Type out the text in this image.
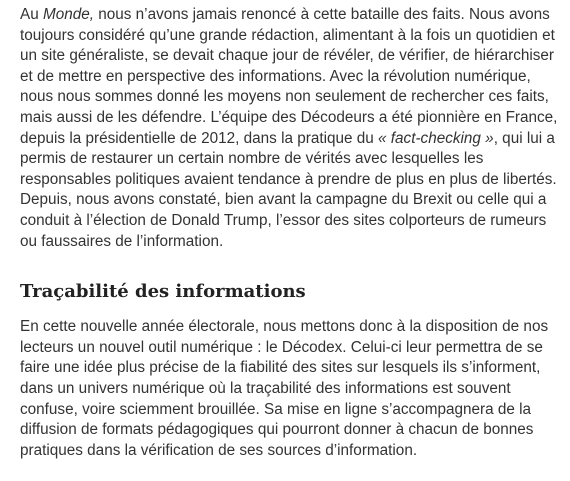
Au Monde, nous n’avons jamais renoncé à cette bataille des faits. Nous avons toujours considéré qu’une grande rédaction, alimentant à la fois un quotidien et un site généraliste, se devait chaque jour de révéler, de vérifier, de hiérarchiser et de mettre en perspective des informations. Avec la révolution numérique, nous nous sommes donné les moyens non seulement de rechercher ces faits, mais aussi de les défendre. L’équipe des Décodeurs a été pionnière en France, depuis la présidentielle de 2012, dans la pratique du « fact-checking », qui lui a permis de restaurer un certain nombre de vérités avec lesquelles les responsables politiques avaient tendance à prendre de plus en plus de libertés. Depuis, nous avons constaté, bien avant la campagne du Brexit ou celle qui a conduit à l’élection de Donald Trump, l’essor des sites colporteurs de rumeurs ou faussaires de l’information.

Traçabilité des informations

En cette nouvelle année électorale, nous mettons donc à la disposition de nos lecteurs un nouvel outil numérique : le Décodex. Celui-ci leur permettra de se faire une idée plus précise de la fiabilité des sites sur lesquels ils s’informent, dans un univers numérique où la traçabilité des informations est souvent confuse, voire sciemment brouillée. Sa mise en ligne s’accompagnera de la diffusion de formats pédagogiques qui pourront donner à chacun de bonnes pratiques dans la vérification de ses sources d’information.
